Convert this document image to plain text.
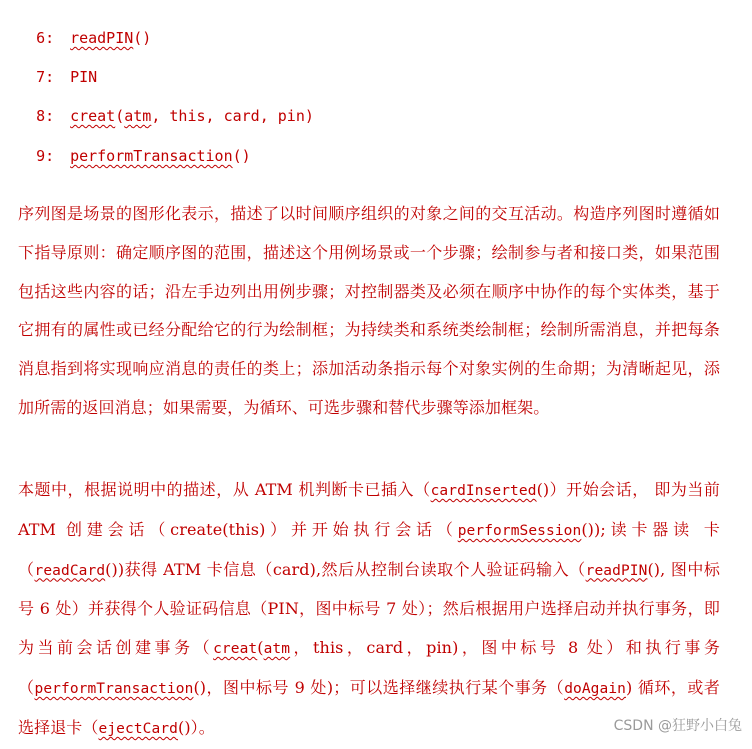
6: readPIN()

7: PIN

8: creat(atm, this, card, pin)

9: performTransaction()

序列图是场景的图形化表示，描述了以时间顺序组织的对象之间的交互活动。构造序列图时遵循如下指导原则：确定顺序图的范围，描述这个用例场景或一个步骤；绘制参与者和接口类，如果范围包括这些内容的话；沿左手边列出用例步骤；对控制器类及必须在顺序中协作的每个实体类，基于它拥有的属性或已经分配给它的行为绘制框；为持续类和系统类绘制框；绘制所需消息，并把每条消息指到将实现响应消息的责任的类上；添加活动条指示每个对象实例的生命期；为清晰起见，添加所需的返回消息；如果需要，为循环、可选步骤和替代步骤等添加框架。
本题中，根据说明中的描述，从 ATM 机判断卡已插入（cardInserted()）开始会话， 即为当前 ATM 创建会话（create(this)）并开始执行会话（performSession());读卡器读 卡（readCard())获得 ATM 卡信息（card),然后从控制台读取个人验证码输入（readPIN(), 图中标号 6 处）并获得个人验证码信息（PIN，图中标号 7 处）；然后根据用户选择启动并执行事务，即为当前会话创建事务（creat(atm，this，card，pin)，图中标号 8 处）和执行事务（performTransaction()，图中标号 9 处)；可以选择继续执行某个事务（doAgain) 循环，或者选择退卡（ejectCard()）。	CSDN @狂野小白兔
